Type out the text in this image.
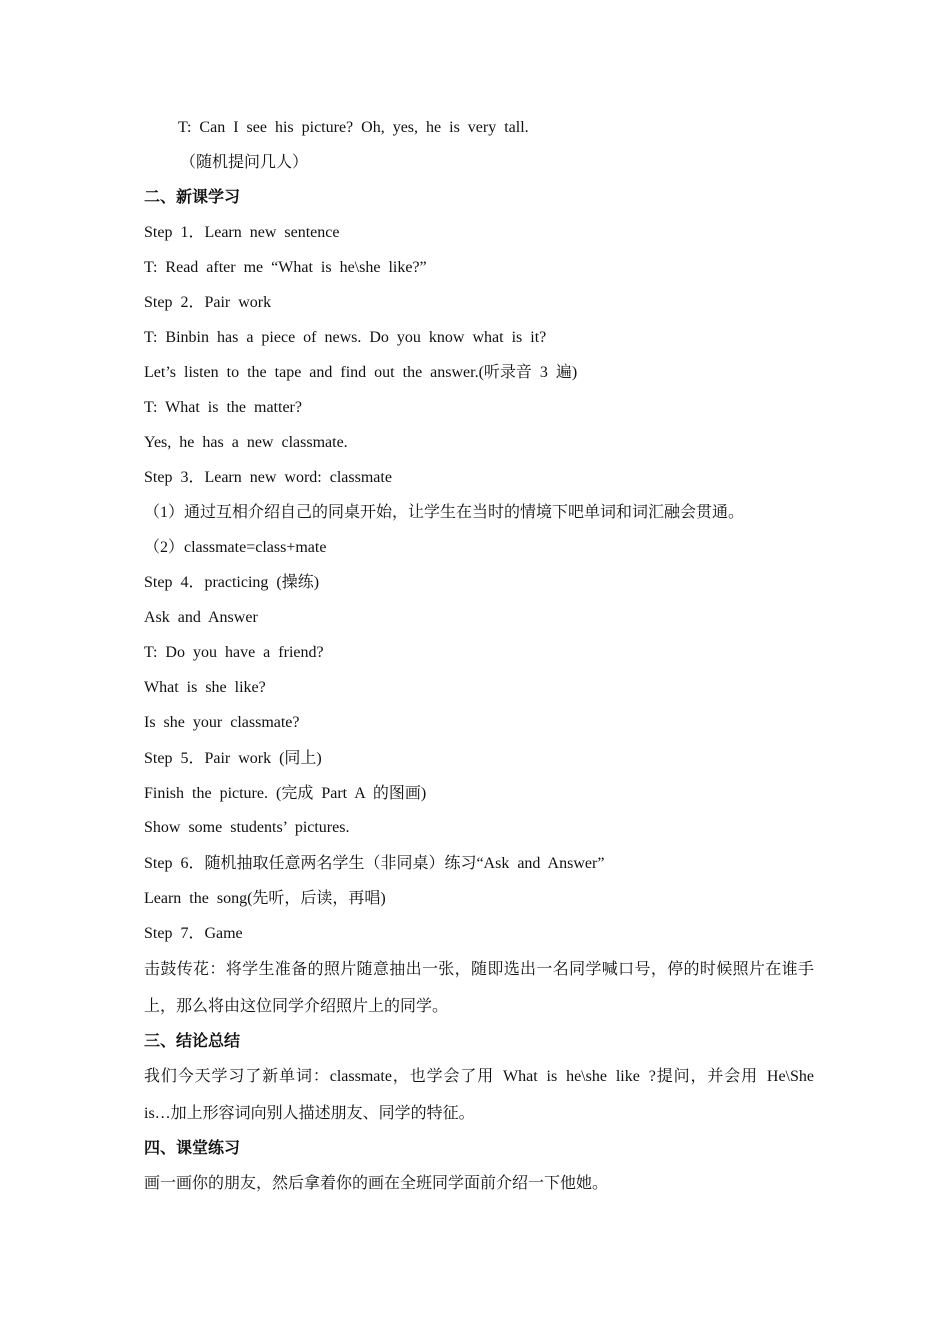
T: Can I see his picture? Oh, yes, he is very tall.
（随机提问几人）
二、新课学习
Step 1．Learn new sentence
T: Read after me “What is he\she like?”
Step 2．Pair work
T: Binbin has a piece of news. Do you know what is it?
Let’s listen to the tape and find out the answer.(听录音 3 遍)
T: What is the matter?
Yes, he has a new classmate.
Step 3．Learn new word: classmate
（1）通过互相介绍自己的同桌开始，让学生在当时的情境下吧单词和词汇融会贯通。
（2）classmate=class+mate
Step 4．practicing (操练)
Ask and Answer
T: Do you have a friend?
What is she like?
Is she your classmate?
Step 5．Pair work (同上)
Finish the picture. (完成 Part A 的图画)
Show some students’ pictures.
Step 6．随机抽取任意两名学生（非同桌）练习“Ask and Answer”
Learn the song(先听，后读，再唱)
Step 7．Game
击鼓传花：将学生准备的照片随意抽出一张，随即选出一名同学喊口号，停的时候照片在谁手上，那么将由这位同学介绍照片上的同学。
三、结论总结
我们今天学习了新单词：classmate，也学会了用 What is he\she like ?提问，并会用 He\She is…加上形容词向别人描述朋友、同学的特征。
四、课堂练习
画一画你的朋友，然后拿着你的画在全班同学面前介绍一下他她。
